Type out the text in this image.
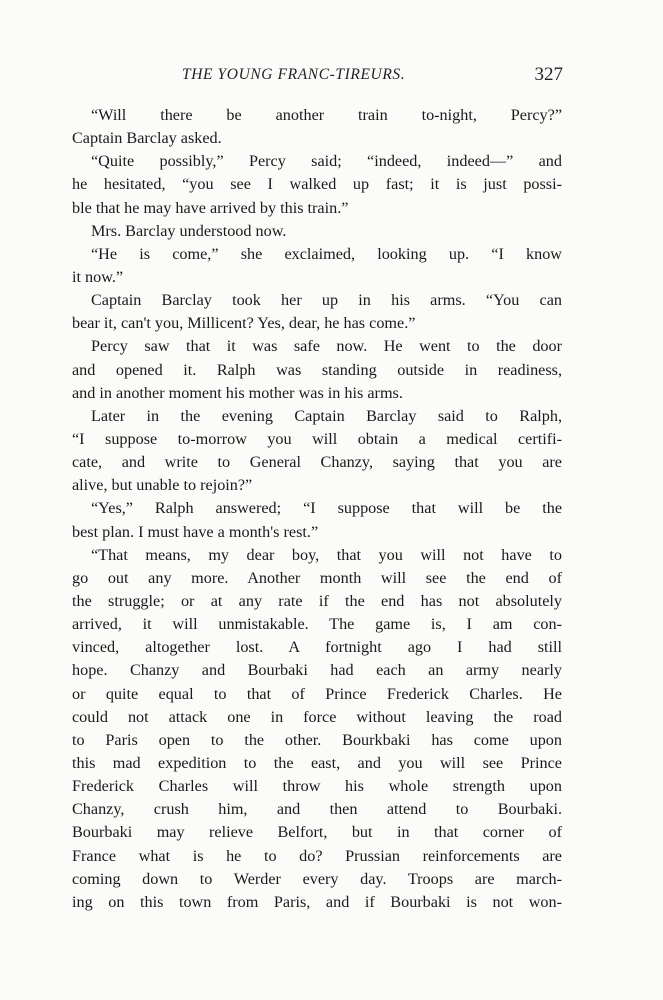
THE YOUNG FRANC-TIREURS.	327
“Will there be another train to-night, Percy?”
Captain Barclay asked.
“Quite possibly,” Percy said; “indeed, indeed—” and
he hesitated, “you see I walked up fast; it is just possi-
ble that he may have arrived by this train.”
Mrs. Barclay understood now.
“He is come,” she exclaimed, looking up. “I know
it now.”
Captain Barclay took her up in his arms. “You can
bear it, can't you, Millicent? Yes, dear, he has come.”
Percy saw that it was safe now. He went to the door
and opened it. Ralph was standing outside in readiness,
and in another moment his mother was in his arms.
Later in the evening Captain Barclay said to Ralph,
“I suppose to-morrow you will obtain a medical certifi-
cate, and write to General Chanzy, saying that you are
alive, but unable to rejoin?”
“Yes,” Ralph answered; “I suppose that will be the
best plan. I must have a month's rest.”
“That means, my dear boy, that you will not have to
go out any more. Another month will see the end of
the struggle; or at any rate if the end has not absolutely
arrived, it will unmistakable. The game is, I am con-
vinced, altogether lost. A fortnight ago I had still
hope. Chanzy and Bourbaki had each an army nearly
or quite equal to that of Prince Frederick Charles. He
could not attack one in force without leaving the road
to Paris open to the other. Bourkbaki has come upon
this mad expedition to the east, and you will see Prince
Frederick Charles will throw his whole strength upon
Chanzy, crush him, and then attend to Bourbaki.
Bourbaki may relieve Belfort, but in that corner of
France what is he to do? Prussian reinforcements are
coming down to Werder every day. Troops are march-
ing on this town from Paris, and if Bourbaki is not won-
